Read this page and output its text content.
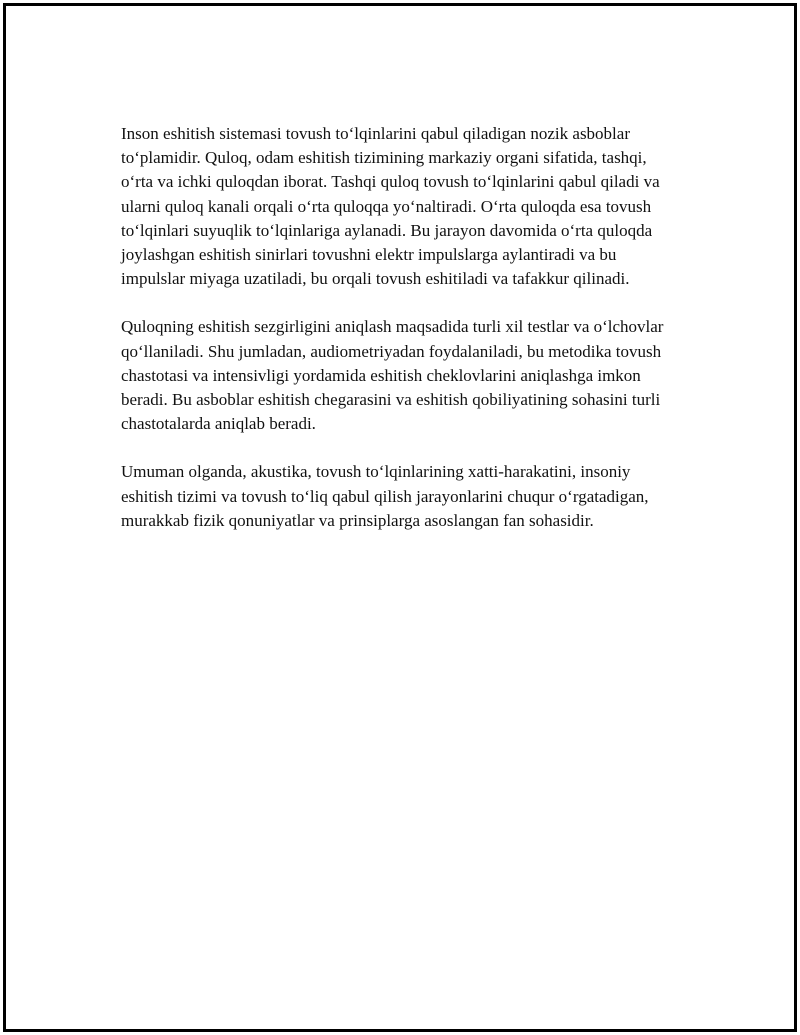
Inson eshitish sistemasi tovush to‘lqinlarini qabul qiladigan nozik asboblar to‘plamidir. Quloq, odam eshitish tizimining markaziy organi sifatida, tashqi, o‘rta va ichki quloqdan iborat. Tashqi quloq tovush to‘lqinlarini qabul qiladi va ularni quloq kanali orqali o‘rta quloqqa yo‘naltiradi. O‘rta quloqda esa tovush to‘lqinlari suyuqlik to‘lqinlariga aylanadi. Bu jarayon davomida o‘rta quloqda joylashgan eshitish sinirlari tovushni elektr impulslarga aylantiradi va bu impulslar miyaga uzatiladi, bu orqali tovush eshitiladi va tafakkur qilinadi.

Quloqning eshitish sezgirligini aniqlash maqsadida turli xil testlar va o‘lchovlar qo‘llaniladi. Shu jumladan, audiometriyadan foydalaniladi, bu metodika tovush chastotasi va intensivligi yordamida eshitish cheklovlarini aniqlashga imkon beradi. Bu asboblar eshitish chegarasini va eshitish qobiliyatining sohasini turli chastotalarda aniqlab beradi.

Umuman olganda, akustika, tovush to‘lqinlarining xatti-harakatini, insoniy eshitish tizimi va tovush to‘liq qabul qilish jarayonlarini chuqur o‘rgatadigan, murakkab fizik qonuniyatlar va prinsiplarga asoslangan fan sohasidir.
